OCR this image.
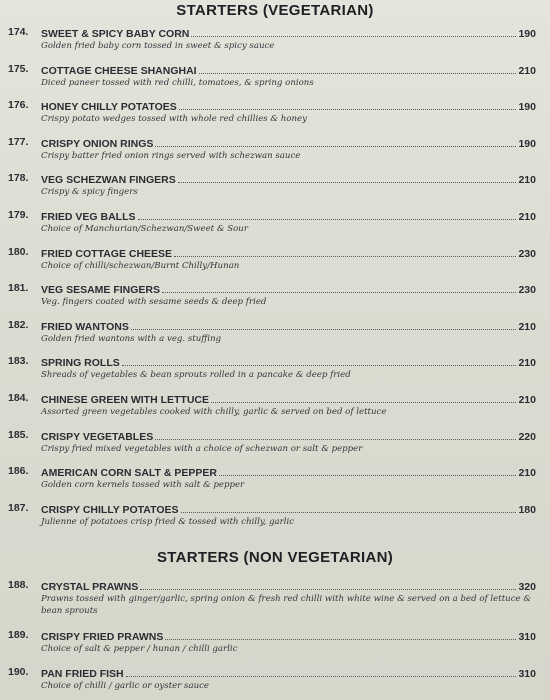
STARTERS (VEGETARIAN)
174. SWEET & SPICY BABY CORN	190
Golden fried baby corn tossed in sweet & spicy sauce
175. COTTAGE CHEESE SHANGHAI	210
Diced paneer tossed with red chilli, tomatoes, & spring onions
176. HONEY CHILLY POTATOES	190
Crispy potato wedges tossed with whole red chillies & honey
177. CRISPY ONION RINGS	190
Crispy batter fried onion rings served with schezwan sauce
178. VEG SCHEZWAN FINGERS	210
Crispy & spicy fingers
179. FRIED VEG BALLS	210
Choice of Manchurian/Schezwan/Sweet & Sour
180. FRIED COTTAGE CHEESE	230
Choice of chilli/schezwan/Burnt Chilly/Hunan
181. VEG SESAME FINGERS	230
Veg. fingers coated with sesame seeds & deep fried
182. FRIED WANTONS	210
Golden fried wantons with a veg. stuffing
183. SPRING ROLLS	210
Shreads of vegetables & bean sprouts rolled in a pancake & deep fried
184. CHINESE GREEN WITH LETTUCE	210
Assorted green vegetables cooked with chilly, garlic & served on bed of lettuce
185. CRISPY VEGETABLES	220
Crispy fried mixed vegetables with a choice of schezwan or salt & pepper
186. AMERICAN CORN SALT & PEPPER	210
Golden corn kernels tossed with salt & pepper
187. CRISPY CHILLY POTATOES	180
Julienne of potatoes crisp fried & tossed with chilly, garlic
STARTERS (NON VEGETARIAN)
188. CRYSTAL PRAWNS	320
Prawns tossed with ginger/garlic, spring onion & fresh red chilli with white wine & served on a bed of lettuce & bean sprouts
189. CRISPY FRIED PRAWNS	310
Choice of salt & pepper / hunan / chilli garlic
190. PAN FRIED FISH	310
Choice of chilli / garlic or oyster sauce
